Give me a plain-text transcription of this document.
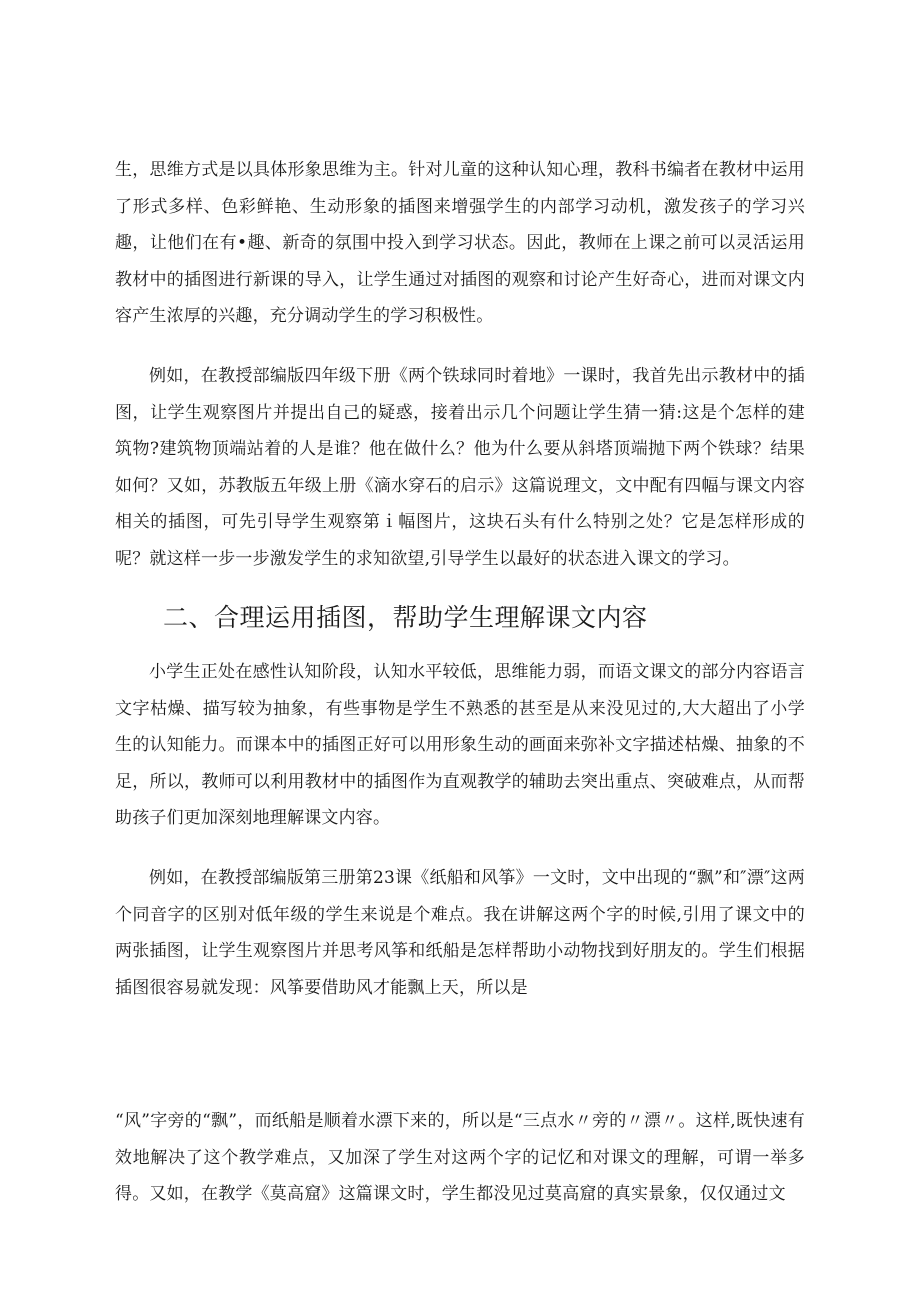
生，思维方式是以具体形象思维为主。针对儿童的这种认知心理，教科书编者在教材中运用了形式多样、色彩鲜艳、生动形象的插图来增强学生的内部学习动机，激发孩子的学习兴趣，让他们在有•趣、新奇的氛围中投入到学习状态。因此，教师在上课之前可以灵活运用教材中的插图进行新课的导入，让学生通过对插图的观察和讨论产生好奇心，进而对课文内容产生浓厚的兴趣，充分调动学生的学习积极性。

例如，在教授部编版四年级下册《两个铁球同时着地》一课时，我首先出示教材中的插图，让学生观察图片并提出自己的疑惑，接着出示几个问题让学生猜一猜:这是个怎样的建筑物?建筑物顶端站着的人是谁？他在做什么？他为什么要从斜塔顶端抛下两个铁球？结果如何？又如，苏教版五年级上册《滴水穿石的启示》这篇说理文，文中配有四幅与课文内容相关的插图，可先引导学生观察第ｉ幅图片，这块石头有什么特别之处？它是怎样形成的呢？就这样一步一步激发学生的求知欲望,引导学生以最好的状态进入课文的学习。

二、合理运用插图，帮助学生理解课文内容

小学生正处在感性认知阶段，认知水平较低，思维能力弱，而语文课文的部分内容语言文字枯燥、描写较为抽象，有些事物是学生不熟悉的甚至是从来没见过的,大大超出了小学生的认知能力。而课本中的插图正好可以用形象生动的画面来弥补文字描述枯燥、抽象的不足，所以，教师可以利用教材中的插图作为直观教学的辅助去突出重点、突破难点，从而帮助孩子们更加深刻地理解课文内容。

例如，在教授部编版第三册第23课《纸船和风筝》一文时，文中出现的“飘”和″漂″这两个同音字的区别对低年级的学生来说是个难点。我在讲解这两个字的时候,引用了课文中的两张插图，让学生观察图片并思考风筝和纸船是怎样帮助小动物找到好朋友的。学生们根据插图很容易就发现：风筝要借助风才能飘上天，所以是

“风”字旁的“飘”，而纸船是顺着水漂下来的，所以是“三点水〃旁的〃漂〃。这样,既快速有效地解决了这个教学难点，又加深了学生对这两个字的记忆和对课文的理解，可谓一举多得。又如，在教学《莫高窟》这篇课文时，学生都没见过莫高窟的真实景象，仅仅通过文
